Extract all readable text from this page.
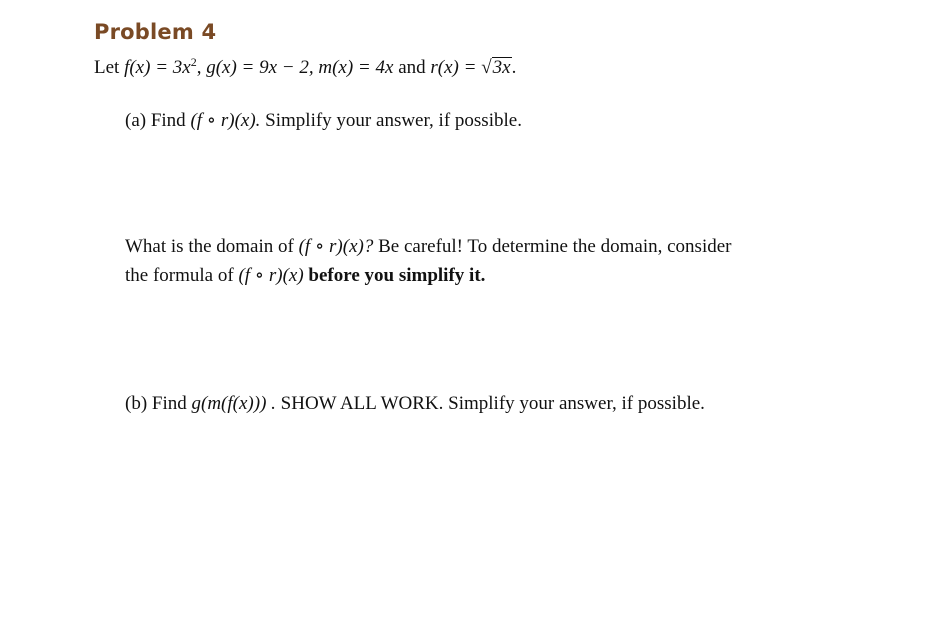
Problem 4
Let $f(x) = 3x^2$, g(x) = 9x − 2, m(x) = 4x and r(x) = √3x.
(a) Find (f ∘ r)(x). Simplify your answer, if possible.
What is the domain of (f ∘ r)(x)? Be careful! To determine the domain, consider
the formula of (f ∘ r)(x) before you simplify it.
(b) Find g(m(f(x))) . SHOW ALL WORK. Simplify your answer, if possible.
